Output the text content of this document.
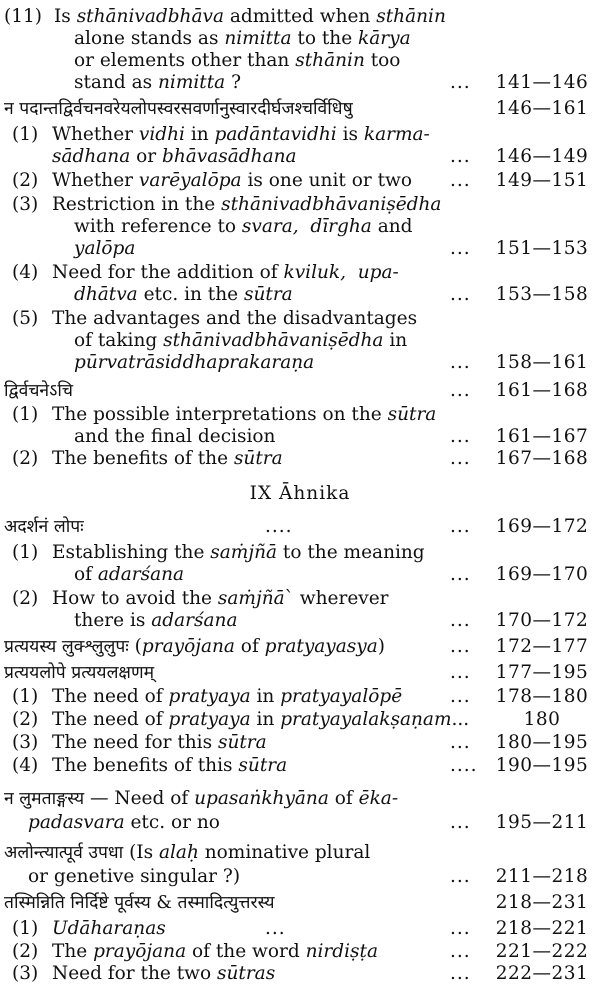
(11) Is sthānivadbhāva admitted when sthānin
alone stands as nimitta to the kārya
or elements other than sthānin too
stand as nimitta ?	...	141—146
न पदान्तद्विर्वचनवरेयलोपस्वरसवर्णानुस्वारदीर्घजश्चर्विधिषु	146—161
(1) Whether vidhi in padāntavidhi is karma-
sādhana or bhāvasādhana	...	146—149
(2) Whether varēyalōpa is one unit or two ...	149—151
(3) Restriction in the sthānivadbhāvaniṣēdha
with reference to svara, dīrgha and
yalōpa	...	151—153
(4) Need for the addition of kviluk, upa-
dhātva etc. in the sūtra	...	153—158
(5) The advantages and the disadvantages
of taking sthānivadbhāvaniṣēdha in
pūrvatrāsiddhaprakaraṇa	...	158—161
द्विर्वचनेऽचि	...	161—168
(1) The possible interpretations on the sūtra
and the final decision	...	161—167
(2) The benefits of the sūtra	...	167—168
IX Āhnika
अदर्शनं लोपः	....	...	169—172
(1) Establishing the saṁjñā to the meaning
of adarśana	...	169—170
(2) How to avoid the saṁjñā` wherever
there is adarśana	...	170—172
प्रत्ययस्य लुक्श्लुलुपः (prayōjana of pratyayasya)	...	172—177
प्रत्ययलोपे प्रत्ययलक्षणम्	...	177—195
(1) The need of pratyaya in pratyayalōpē	...	178—180
(2) The need of pratyaya in pratyayalakṣaṇam...	180
(3) The need for this sūtra	...	180—195
(4) The benefits of this sūtra	.... 190—195
न लुमताङ्गस्य — Need of upasaṅkhyāna of ēka-
padasvara etc. or no	...	195—211
अलोन्त्यात्पूर्व उपधा (Is alaḥ nominative plural
or genetive singular ?)	...	211—218
तस्मिन्निति निर्दिष्टे पूर्वस्य & तस्मादित्युत्तरस्य	218—231
(1) Udāharaṇas	...	...	218—221
(2) The prayōjana of the word nirdiṣṭa	...	221—222
(3) Need for the two sūtras	...	222—231
